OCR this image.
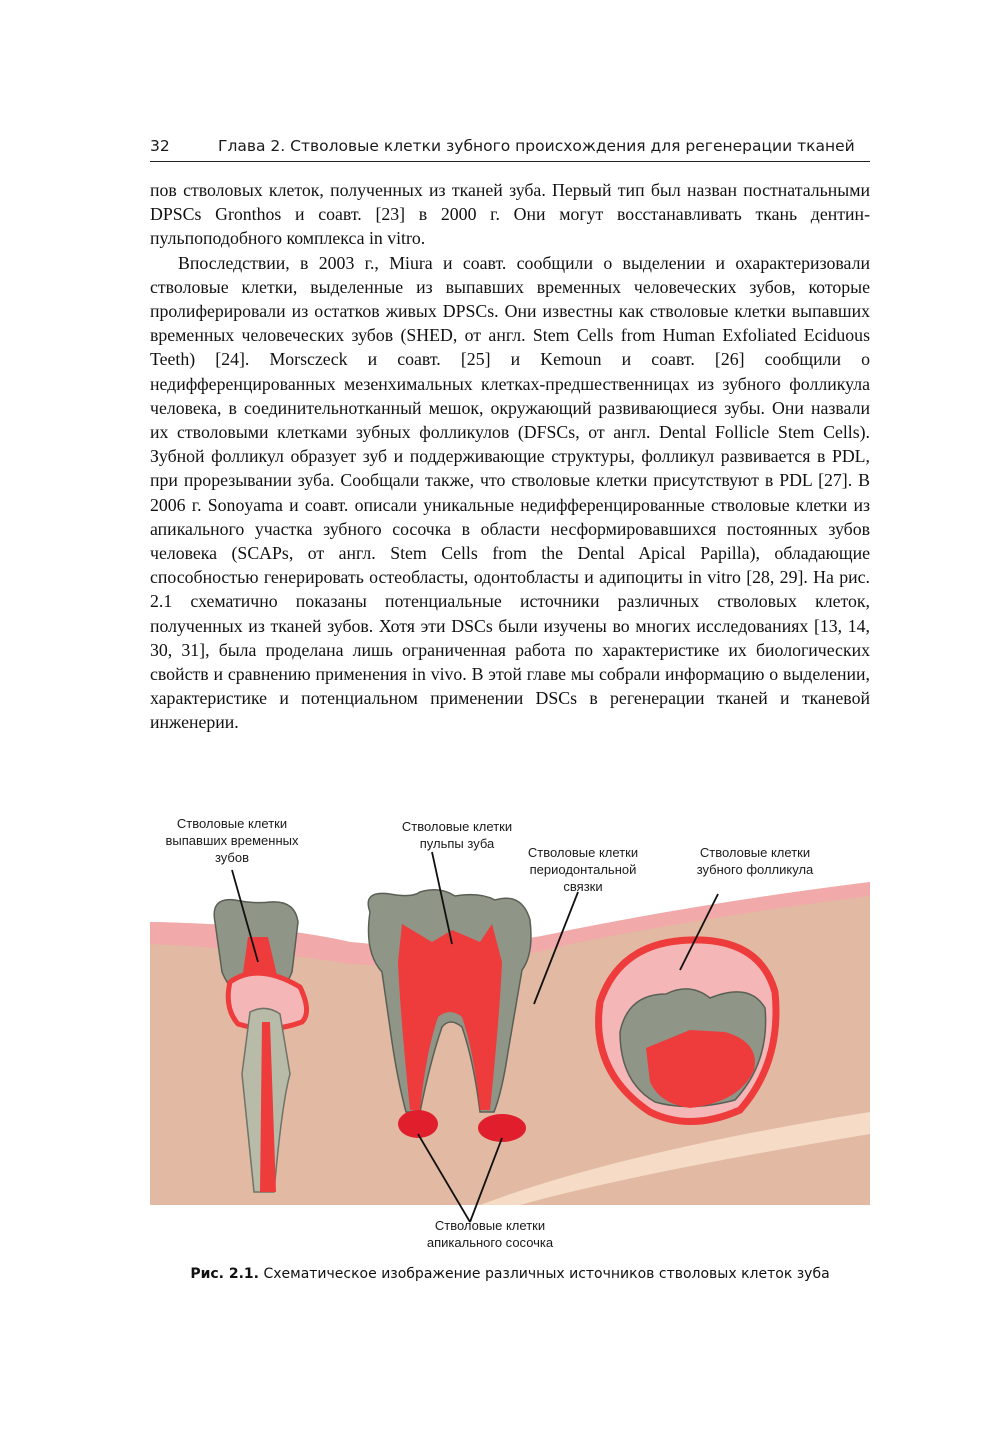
32	Глава 2. Стволовые клетки зубного происхождения для регенерации тканей

пов стволовых клеток, полученных из тканей зуба. Первый тип был назван постнатальными DPSCs Gronthos и соавт. [23] в 2000 г. Они могут восстанавливать ткань дентин-пульпоподобного комплекса in vitro.

Впоследствии, в 2003 г., Miura и соавт. сообщили о выделении и охарактеризовали стволовые клетки, выделенные из выпавших временных человеческих зубов, которые пролиферировали из остатков живых DPSCs. Они известны как стволовые клетки выпавших временных человеческих зубов (SHED, от англ. Stem Cells from Human Exfoliated Eciduous Teeth) [24]. Morsczeck и соавт. [25] и Kemoun и соавт. [26] сообщили о недифференцированных мезенхимальных клетках-предшественницах из зубного фолликула человека, в соединительнотканный мешок, окружающий развивающиеся зубы. Они назвали их стволовыми клетками зубных фолликулов (DFSCs, от англ. Dental Follicle Stem Cells). Зубной фолликул образует зуб и поддерживающие структуры, фолликул развивается в PDL, при прорезывании зуба. Сообщали также, что стволовые клетки присутствуют в PDL [27]. В 2006 г. Sonoyama и соавт. описали уникальные недифференцированные стволовые клетки из апикального участка зубного сосочка в области несформировавшихся постоянных зубов человека (SCAPs, от англ. Stem Cells from the Dental Apical Papilla), обладающие способностью генерировать остеобласты, одонтобласты и адипоциты in vitro [28, 29]. На рис. 2.1 схематично показаны потенциальные источники различных стволовых клеток, полученных из тканей зубов. Хотя эти DSCs были изучены во многих исследованиях [13, 14, 30, 31], была проделана лишь ограниченная работа по характеристике их биологических свойств и сравнению применения in vivo. В этой главе мы собрали информацию о выделении, характеристике и потенциальном применении DSCs в регенерации тканей и тканевой инженерии.

Стволовые клетки выпавших временных зубов
Стволовые клетки пульпы зуба
Стволовые клетки периодонтальной связки
Стволовые клетки зубного фолликула
Стволовые клетки апикального сосочка
Рис. 2.1. Схематическое изображение различных источников стволовых клеток зуба
